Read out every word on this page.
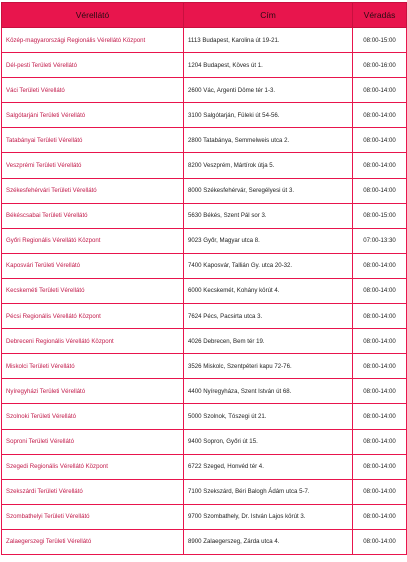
Vérellátó	Cím	Véradás
Közép-magyarországi Regionális Vérellátó Központ	1113 Budapest, Karolina út 19-21.	08:00-15:00
Dél-pesti Területi Vérellátó	1204 Budapest, Köves út 1.	08:00-16:00
Váci Területi Vérellátó	2600 Vác, Argenti Döme tér 1-3.	08:00-14:00
Salgótarjáni Területi Vérellátó	3100 Salgótarján, Füleki út 54-56.	08:00-14:00
Tatabányai Területi Vérellátó	2800 Tatabánya, Semmelweis utca 2.	08:00-14:00
Veszprémi Területi Vérellátó	8200 Veszprém, Mártírok útja 5.	08:00-14:00
Székesfehérvári Területi Vérellátó	8000 Székesfehérvár, Seregélyesi út 3.	08:00-14:00
Békéscsabai Területi Vérellátó	5630 Békés, Szent Pál sor 3.	08:00-15:00
Győri Regionális Vérellátó Központ	9023 Győr, Magyar utca 8.	07:00-13:30
Kaposvári Területi Vérellátó	7400 Kaposvár, Tallián Gy. utca 20-32.	08:00-14:00
Kecskeméti Területi Vérellátó	6000 Kecskemét, Kohány körút 4.	08:00-14:00
Pécsi Regionális Vérellátó Központ	7624 Pécs, Pacsirta utca 3.	08:00-14:00
Debreceni Regionális Vérellátó Központ	4026 Debrecen, Bem tér 19.	08:00-14:00
Miskolci Területi Vérellátó	3526 Miskolc, Szentpéteri kapu 72-76.	08:00-14:00
Nyíregyházi Területi Vérellátó	4400 Nyíregyháza, Szent István út 68.	08:00-14:00
Szolnoki Területi Vérellátó	5000 Szolnok, Tószegi út 21.	08:00-14:00
Soproni Területi Vérellátó	9400 Sopron, Győri út 15.	08:00-14:00
Szegedi Regionális Vérellátó Központ	6722 Szeged, Honvéd tér 4.	08:00-14:00
Szekszárdi Területi Vérellátó	7100 Szekszárd, Béri Balogh Ádám utca 5-7.	08:00-14:00
Szombathelyi Területi Vérellátó	9700 Szombathely, Dr. István Lajos körút 3.	08:00-14:00
Zalaegerszegi Területi Vérellátó	8900 Zalaegerszeg, Zárda utca 4.	08:00-14:00
